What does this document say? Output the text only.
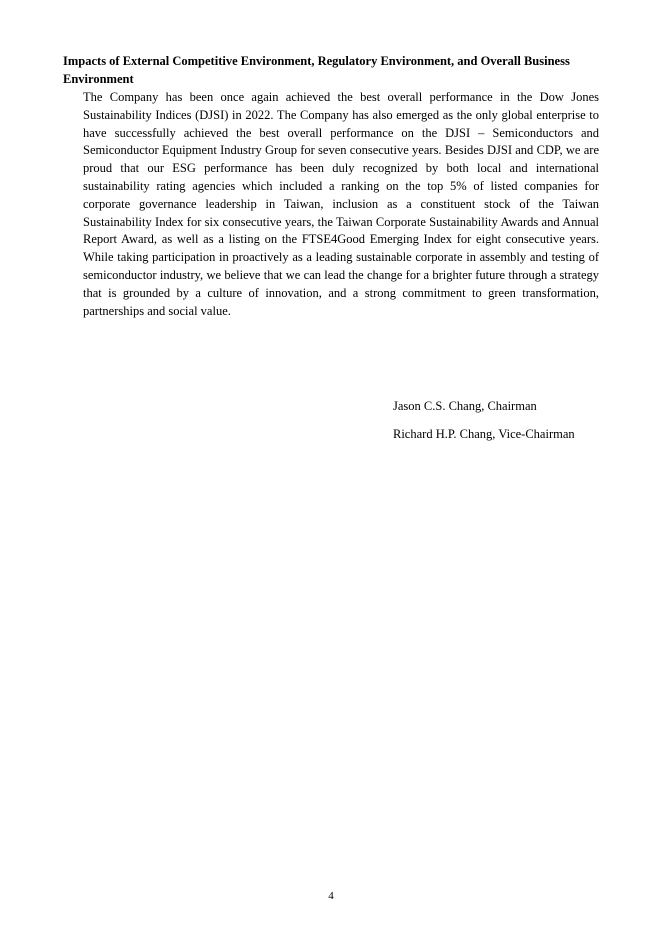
Impacts of External Competitive Environment, Regulatory Environment, and Overall Business Environment

The Company has been once again achieved the best overall performance in the Dow Jones Sustainability Indices (DJSI) in 2022. The Company has also emerged as the only global enterprise to have successfully achieved the best overall performance on the DJSI – Semiconductors and Semiconductor Equipment Industry Group for seven consecutive years. Besides DJSI and CDP, we are proud that our ESG performance has been duly recognized by both local and international sustainability rating agencies which included a ranking on the top 5% of listed companies for corporate governance leadership in Taiwan, inclusion as a constituent stock of the Taiwan Sustainability Index for six consecutive years, the Taiwan Corporate Sustainability Awards and Annual Report Award, as well as a listing on the FTSE4Good Emerging Index for eight consecutive years. While taking participation in proactively as a leading sustainable corporate in assembly and testing of semiconductor industry, we believe that we can lead the change for a brighter future through a strategy that is grounded by a culture of innovation, and a strong commitment to green transformation, partnerships and social value.

Jason C.S. Chang, Chairman

Richard H.P. Chang, Vice-Chairman

4
